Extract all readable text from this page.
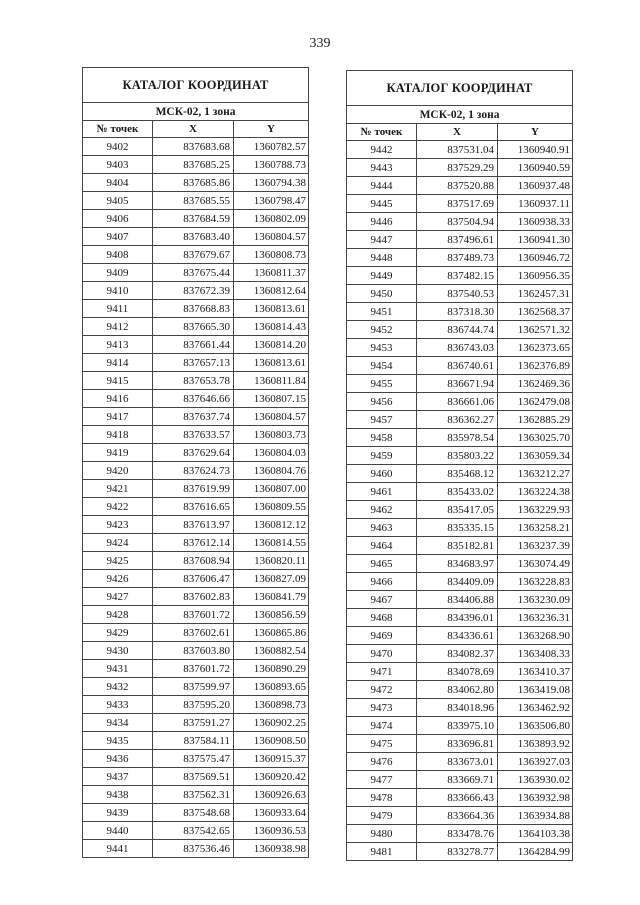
339
КАТАЛОГ КООРДИНАТ		
МСК-02, 1 зона		
№ точек	X	Y
9402	837683.68	1360782.57
9403	837685.25	1360788.73
9404	837685.86	1360794.38
9405	837685.55	1360798.47
9406	837684.59	1360802.09
9407	837683.40	1360804.57
9408	837679.67	1360808.73
9409	837675.44	1360811.37
9410	837672.39	1360812.64
9411	837668.83	1360813.61
9412	837665.30	1360814.43
9413	837661.44	1360814.20
9414	837657.13	1360813.61
9415	837653.78	1360811.84
9416	837646.66	1360807.15
9417	837637.74	1360804.57
9418	837633.57	1360803.73
9419	837629.64	1360804.03
9420	837624.73	1360804.76
9421	837619.99	1360807.00
9422	837616.65	1360809.55
9423	837613.97	1360812.12
9424	837612.14	1360814.55
9425	837608.94	1360820.11
9426	837606.47	1360827.09
9427	837602.83	1360841.79
9428	837601.72	1360856.59
9429	837602.61	1360865.86
9430	837603.80	1360882.54
9431	837601.72	1360890.29
9432	837599.97	1360893.65
9433	837595.20	1360898.73
9434	837591.27	1360902.25
9435	837584.11	1360908.50
9436	837575.47	1360915.37
9437	837569.51	1360920.42
9438	837562.31	1360926.63
9439	837548.68	1360933.64
9440	837542.65	1360936.53
9441	837536.46	1360938.98
КАТАЛОГ КООРДИНАТ		
МСК-02, 1 зона		
№ точек	X	Y
9442	837531.04	1360940.91
9443	837529.29	1360940.59
9444	837520.88	1360937.48
9445	837517.69	1360937.11
9446	837504.94	1360938.33
9447	837496.61	1360941.30
9448	837489.73	1360946.72
9449	837482.15	1360956.35
9450	837540.53	1362457.31
9451	837318.30	1362568.37
9452	836744.74	1362571.32
9453	836743.03	1362373.65
9454	836740.61	1362376.89
9455	836671.94	1362469.36
9456	836661.06	1362479.08
9457	836362.27	1362885.29
9458	835978.54	1363025.70
9459	835803.22	1363059.34
9460	835468.12	1363212.27
9461	835433.02	1363224.38
9462	835417.05	1363229.93
9463	835335.15	1363258.21
9464	835182.81	1363237.39
9465	834683.97	1363074.49
9466	834409.09	1363228.83
9467	834406.88	1363230.09
9468	834396.01	1363236.31
9469	834336.61	1363268.90
9470	834082.37	1363408.33
9471	834078.69	1363410.37
9472	834062.80	1363419.08
9473	834018.96	1363462.92
9474	833975.10	1363506.80
9475	833696.81	1363893.92
9476	833673.01	1363927.03
9477	833669.71	1363930.02
9478	833666.43	1363932.98
9479	833664.36	1363934.88
9480	833478.76	1364103.38
9481	833278.77	1364284.99
